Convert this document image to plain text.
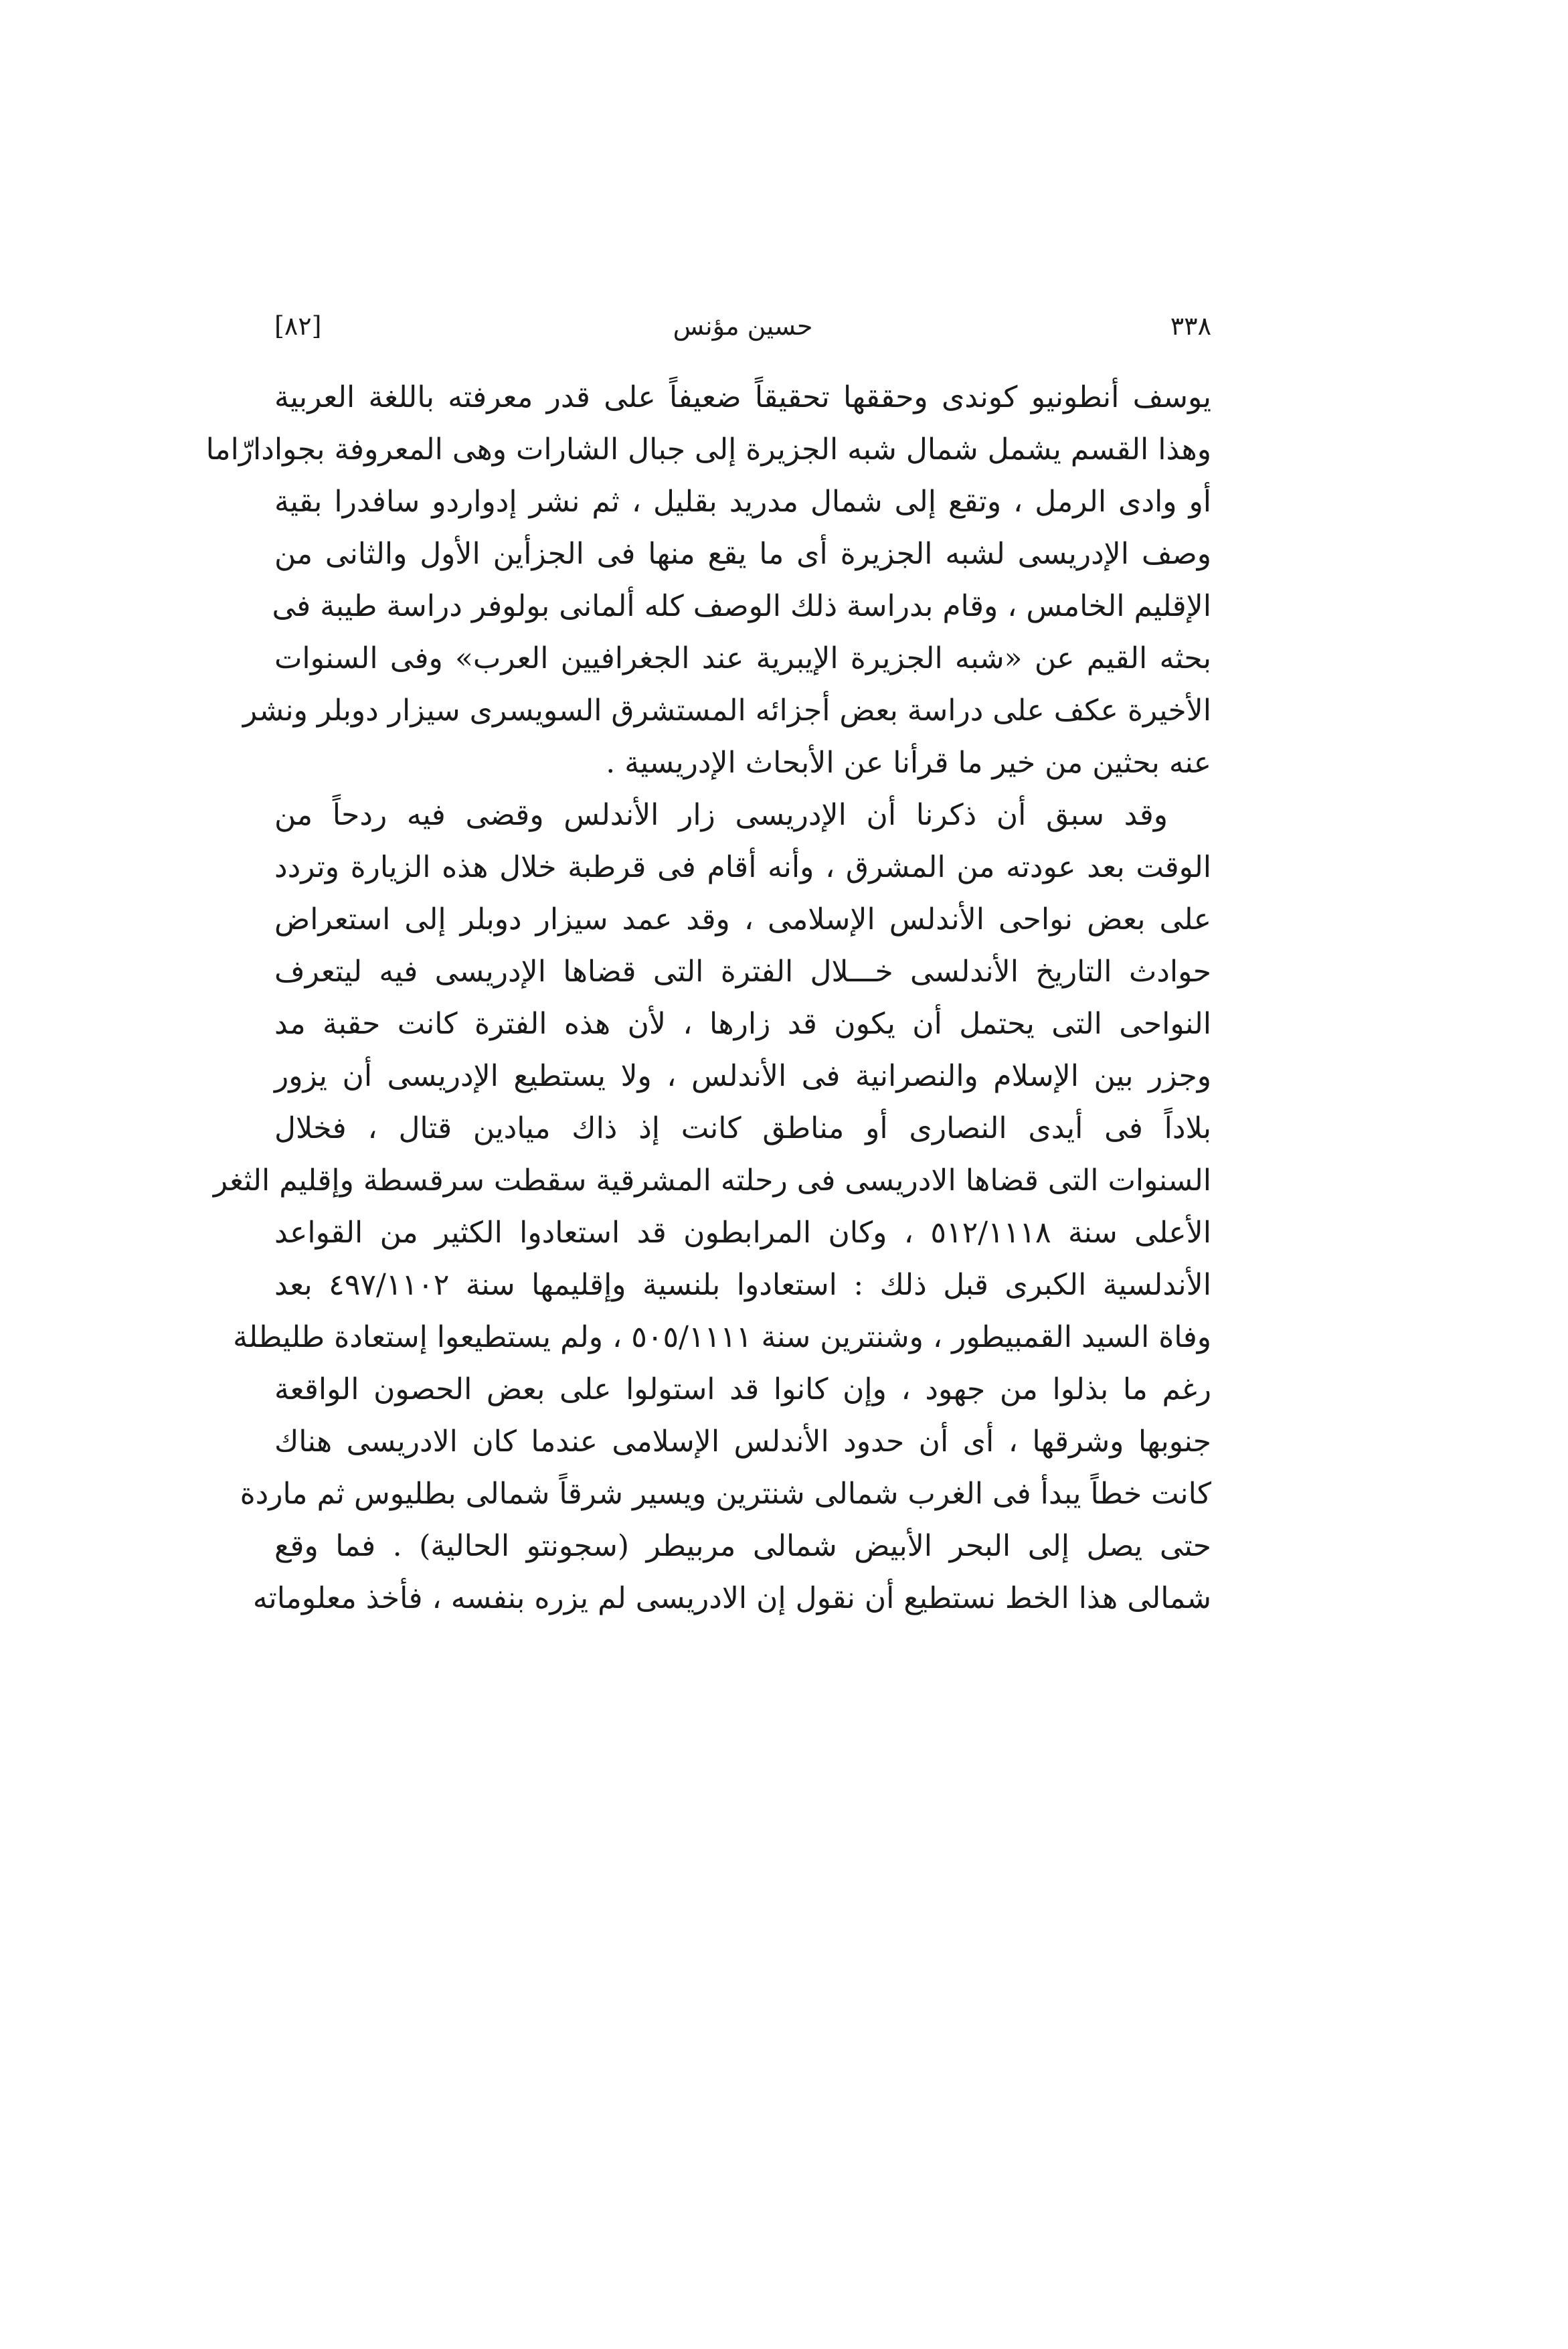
حسين مؤنس
[٨٢]	٣٣٨
يوسف أنطونيو كوندى وحققها تحقيقاً ضعيفاً على قدر معرفته باللغة العربية
وهذا القسم يشمل شمال شبه الجزيرة إلى جبال الشارات وهى المعروفة بجوادارّاما
أو وادى الرمل ، وتقع إلى شمال مدريد بقليل ، ثم نشر إدواردو سافدرا بقية
وصف الإدريسى لشبه الجزيرة أى ما يقع منها فى الجزأين الأول والثانى من
الإقليم الخامس ، وقام بدراسة ذلك الوصف كله ألمانى بولوفر دراسة طيبة فى
بحثه القيم عن «شبه الجزيرة الإيبرية عند الجغرافيين العرب» وفى السنوات
الأخيرة عكف على دراسة بعض أجزائه المستشرق السويسرى سيزار دوبلر ونشر
عنه بحثين من خير ما قرأنا عن الأبحاث الإدريسية .
وقد سبق أن ذكرنا أن الإدريسى زار الأندلس وقضى فيه ردحاً من
الوقت بعد عودته من المشرق ، وأنه أقام فى قرطبة خلال هذه الزيارة وتردد
على بعض نواحى الأندلس الإسلامى ، وقد عمد سيزار دوبلر إلى استعراض
حوادث التاريخ الأندلسى خـــلال الفترة التى قضاها الإدريسى فيه ليتعرف
النواحى التى يحتمل أن يكون قد زارها ، لأن هذه الفترة كانت حقبة مد
وجزر بين الإسلام والنصرانية فى الأندلس ، ولا يستطيع الإدريسى أن يزور
بلاداً فى أيدى النصارى أو مناطق كانت إذ ذاك ميادين قتال ، فخلال
السنوات التى قضاها الادريسى فى رحلته المشرقية سقطت سرقسطة وإقليم الثغر
الأعلى سنة ٥١٢/١١١٨ ، وكان المرابطون قد استعادوا الكثير من القواعد
الأندلسية الكبرى قبل ذلك : استعادوا بلنسية وإقليمها سنة ٤٩٧/١١٠٢ بعد
وفاة السيد القمبيطور ، وشنترين سنة ٥٠٥/١١١١ ، ولم يستطيعوا إستعادة طليطلة
رغم ما بذلوا من جهود ، وإن كانوا قد استولوا على بعض الحصون الواقعة
جنوبها وشرقها ، أى أن حدود الأندلس الإسلامى عندما كان الادريسى هناك
كانت خطاً يبدأ فى الغرب شمالى شنترين ويسير شرقاً شمالى بطليوس ثم ماردة
حتى يصل إلى البحر الأبيض شمالى مربيطر (سجونتو الحالية) . فما وقع
شمالى هذا الخط نستطيع أن نقول إن الادريسى لم يزره بنفسه ، فأخذ معلوماته
